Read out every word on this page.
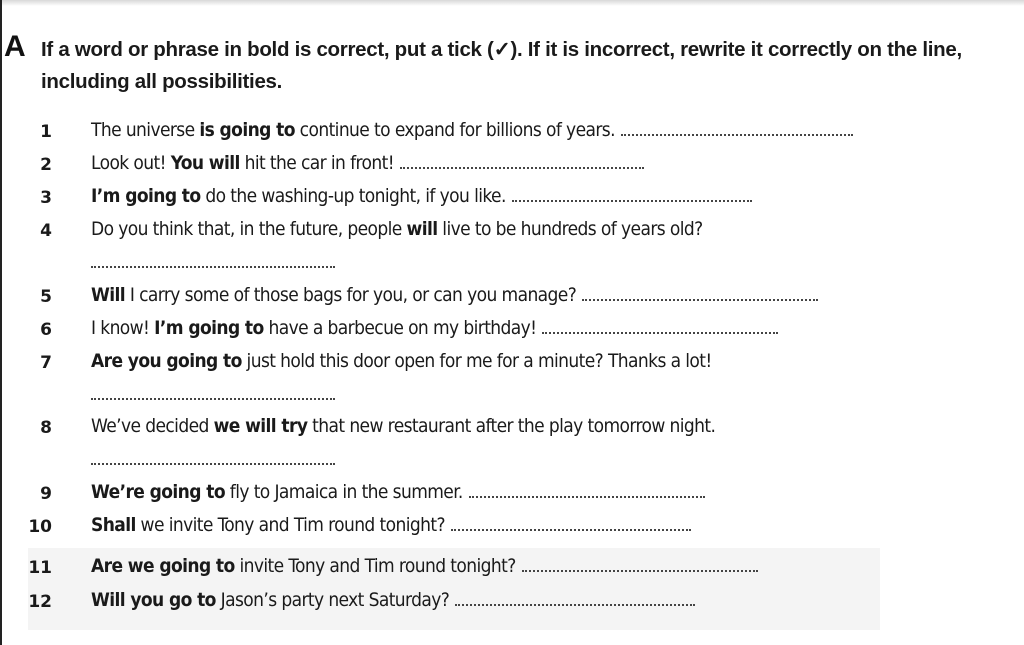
A If a word or phrase in bold is correct, put a tick (✓). If it is incorrect, rewrite it correctly on the line, including all possibilities.
1 The universe is going to continue to expand for billions of years.
2 Look out! You will hit the car in front!
3 I’m going to do the washing-up tonight, if you like.
4 Do you think that, in the future, people will live to be hundreds of years old?
5 Will I carry some of those bags for you, or can you manage?
6 I know! I’m going to have a barbecue on my birthday!
7 Are you going to just hold this door open for me for a minute? Thanks a lot!
8 We’ve decided we will try that new restaurant after the play tomorrow night.
9 We’re going to fly to Jamaica in the summer.
10 Shall we invite Tony and Tim round tonight?
11 Are we going to invite Tony and Tim round tonight?
12 Will you go to Jason’s party next Saturday?
